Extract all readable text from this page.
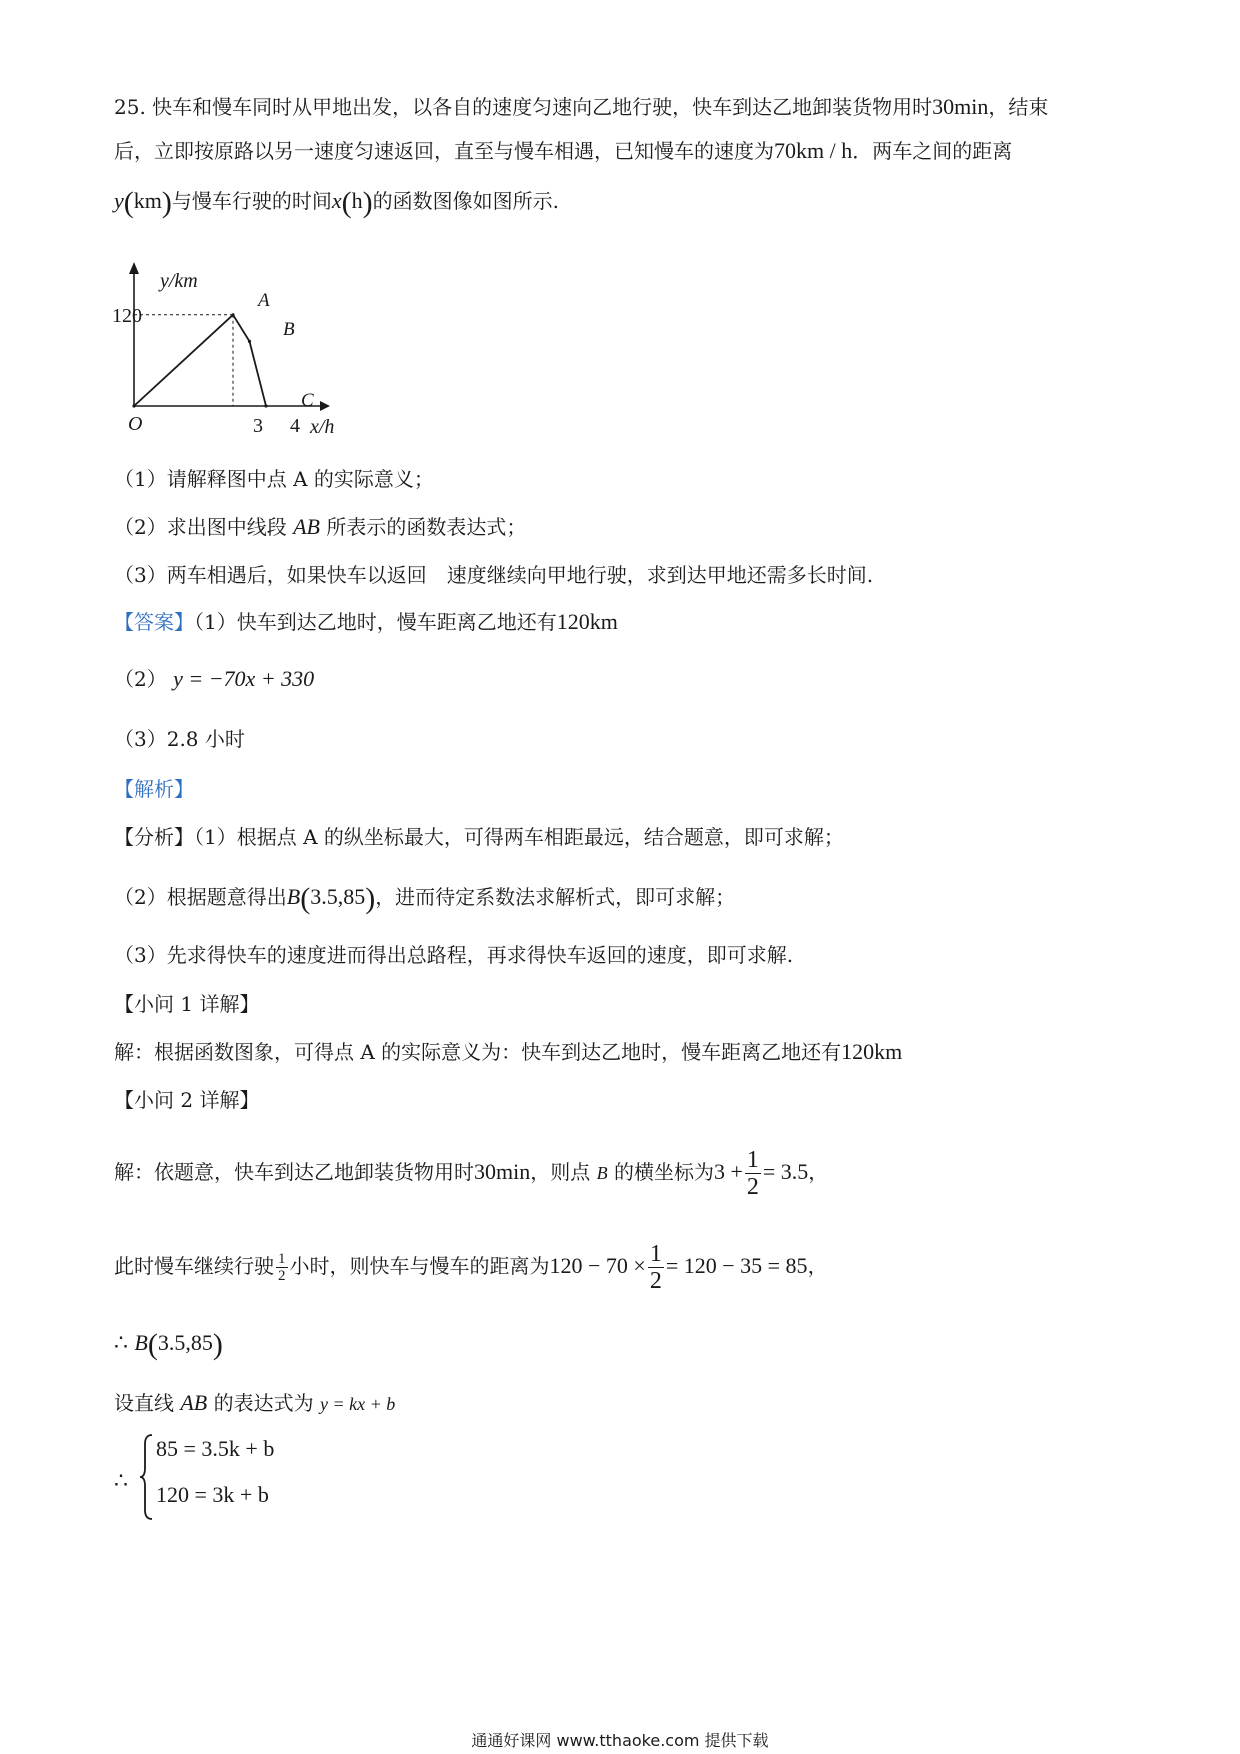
25. 快车和慢车同时从甲地出发，以各自的速度匀速向乙地行驶，快车到达乙地卸装货物用时30min，结束
后，立即按原路以另一速度匀速返回，直至与慢车相遇，已知慢车的速度为70km / h．两车之间的距离
y(km)与慢车行驶的时间x(h)的函数图像如图所示.
y/km
x/h
O
120
3 4
A
B
C
（1）请解释图中点 A 的实际意义；
（2）求出图中线段 AB 所表示的函数表达式；
（3）两车相遇后，如果快车以返回　速度继续向甲地行驶，求到达甲地还需多长时间.
【答案】（1）快车到达乙地时，慢车距离乙地还有120km
（2） y = −70x + 330
（3）2.8 小时
【解析】
【分析】（1）根据点 A 的纵坐标最大，可得两车相距最远，结合题意，即可求解；
（2）根据题意得出B(3.5,85)，进而待定系数法求解析式，即可求解；
（3）先求得快车的速度进而得出总路程，再求得快车返回的速度，即可求解.
【小问 1 详解】
解：根据函数图象，可得点 A 的实际意义为：快车到达乙地时，慢车距离乙地还有120km
【小问 2 详解】
解：依题意，快车到达乙地卸装货物用时30min，则点 B 的横坐标为$3 + \frac{1}{2} = 3.5$，
此时慢车继续行驶 $\frac{1}{2}$ 小时，则快车与慢车的距离为$120 - 70 \times \frac{1}{2} = 120 - 35 = 85$，
∴ B(3.5,85)
设直线 AB 的表达式为 y = kx + b
∴
85 = 3.5k + b
120 = 3k + b
通通好课网 www.tthaoke.com 提供下载
